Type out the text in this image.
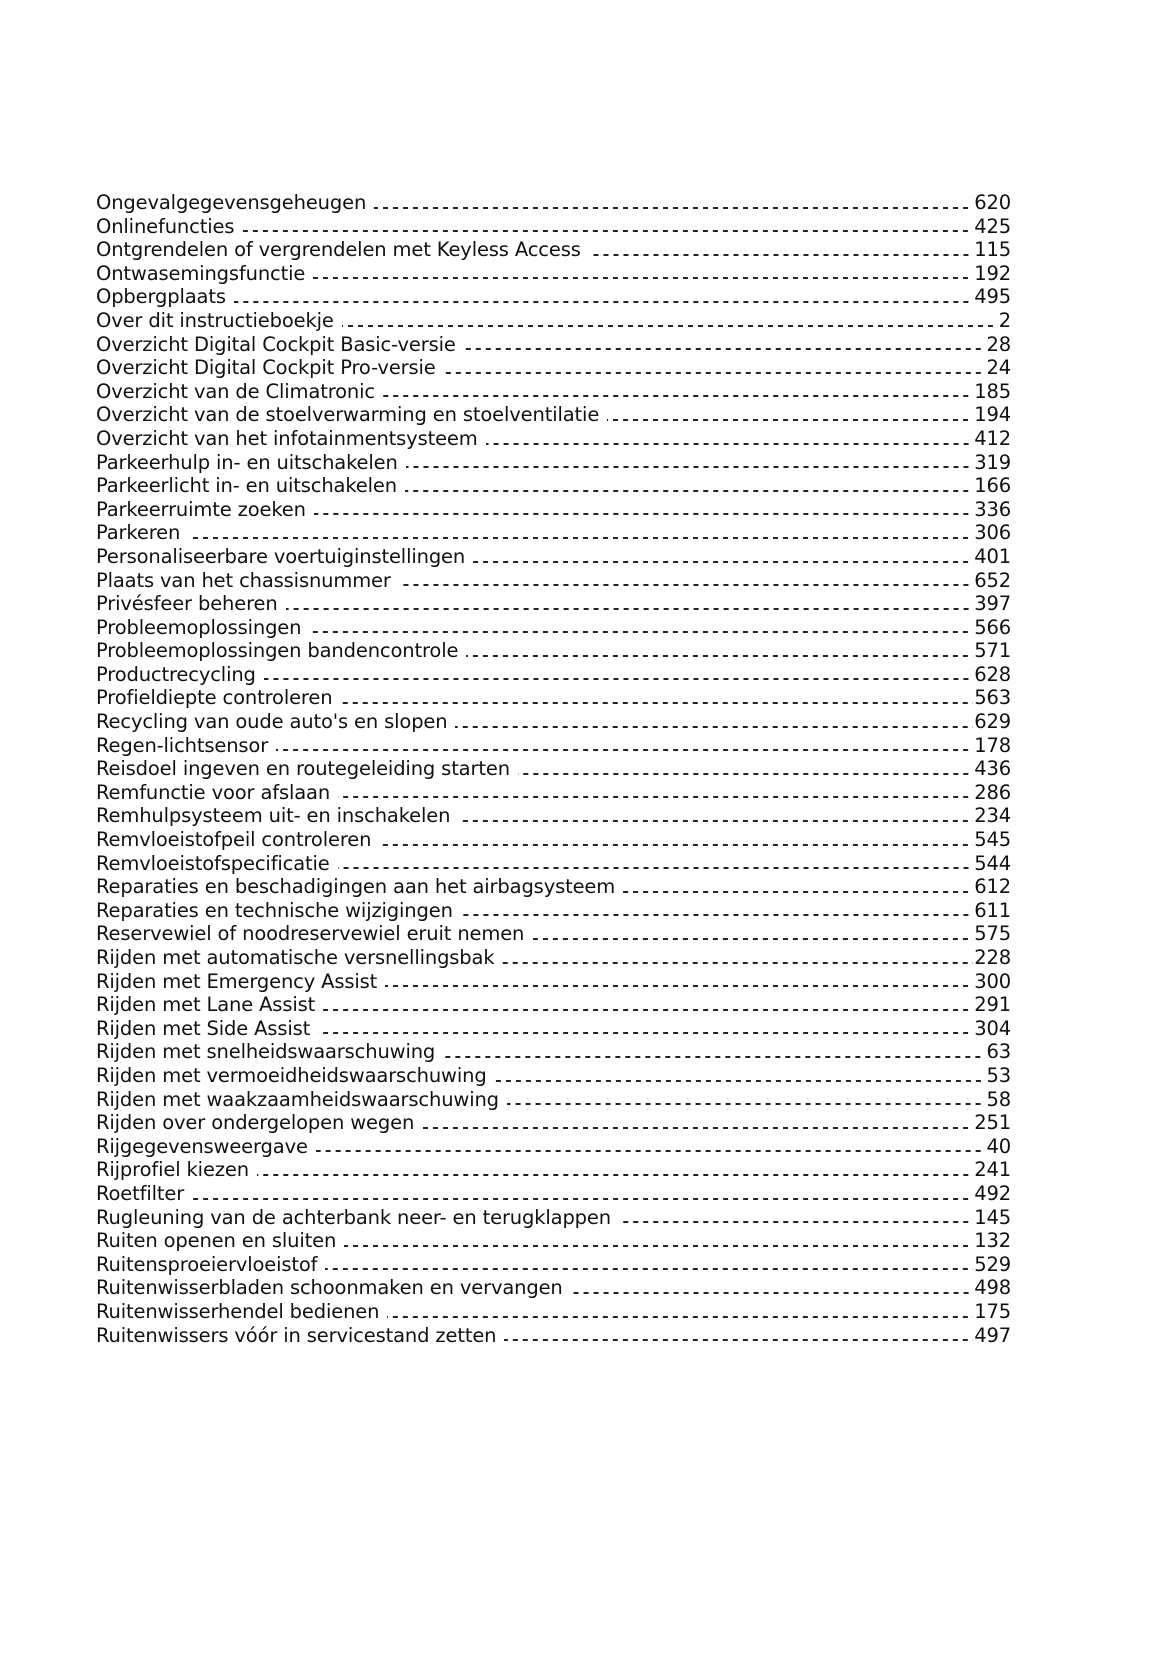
Ongevalgegevensgeheugen	620
Onlinefuncties	425
Ontgrendelen of vergrendelen met Keyless Access	115
Ontwasemingsfunctie	192
Opbergplaats	495
Over dit instructieboekje	2
Overzicht Digital Cockpit Basic-versie	28
Overzicht Digital Cockpit Pro-versie	24
Overzicht van de Climatronic	185
Overzicht van de stoelverwarming en stoelventilatie	194
Overzicht van het infotainmentsysteem	412
Parkeerhulp in- en uitschakelen	319
Parkeerlicht in- en uitschakelen	166
Parkeerruimte zoeken	336
Parkeren	306
Personaliseerbare voertuiginstellingen	401
Plaats van het chassisnummer	652
Privésfeer beheren	397
Probleemoplossingen	566
Probleemoplossingen bandencontrole	571
Productrecycling	628
Profieldiepte controleren	563
Recycling van oude auto's en slopen	629
Regen-lichtsensor	178
Reisdoel ingeven en routegeleiding starten	436
Remfunctie voor afslaan	286
Remhulpsysteem uit- en inschakelen	234
Remvloeistofpeil controleren	545
Remvloeistofspecificatie	544
Reparaties en beschadigingen aan het airbagsysteem	612
Reparaties en technische wijzigingen	611
Reservewiel of noodreservewiel eruit nemen	575
Rijden met automatische versnellingsbak	228
Rijden met Emergency Assist	300
Rijden met Lane Assist	291
Rijden met Side Assist	304
Rijden met snelheidswaarschuwing	63
Rijden met vermoeidheidswaarschuwing	53
Rijden met waakzaamheidswaarschuwing	58
Rijden over ondergelopen wegen	251
Rijgegevensweergave	40
Rijprofiel kiezen	241
Roetfilter	492
Rugleuning van de achterbank neer- en terugklappen	145
Ruiten openen en sluiten	132
Ruitensproeiervloeistof	529
Ruitenwisserbladen schoonmaken en vervangen	498
Ruitenwisserhendel bedienen	175
Ruitenwissers vóór in servicestand zetten	497
